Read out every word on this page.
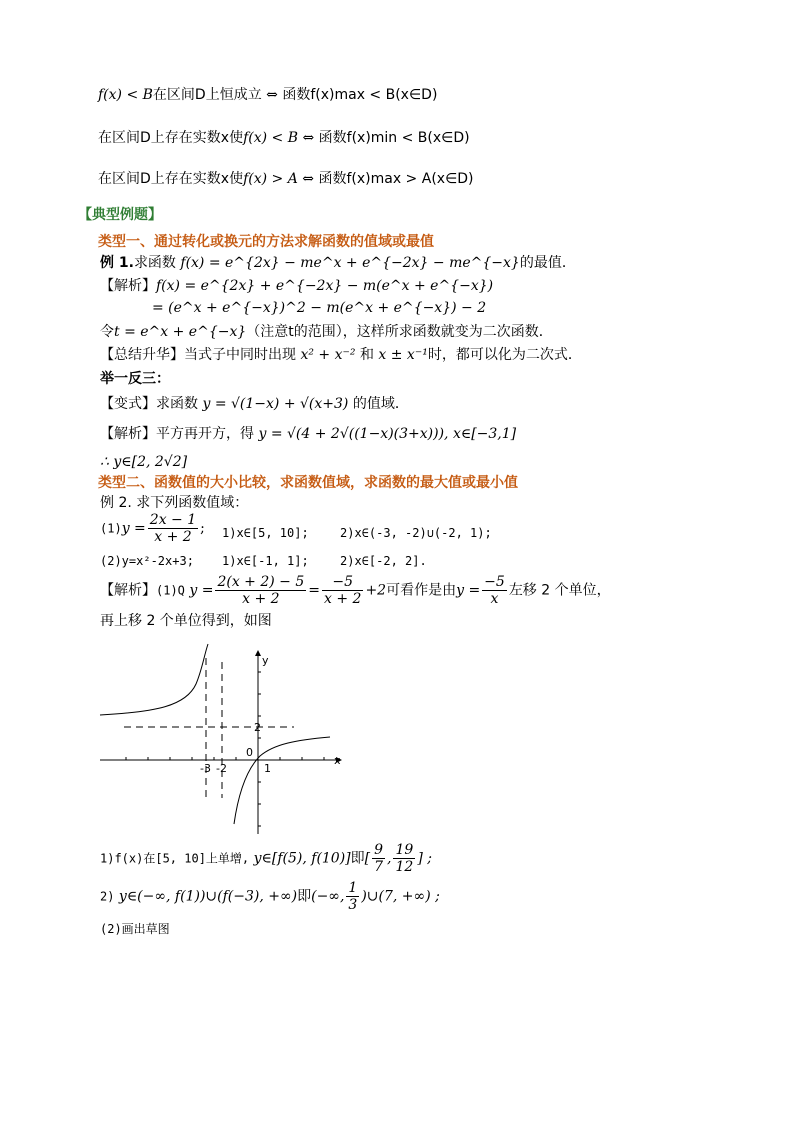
f(x) < B在区间D上恒成立 ⇔ 函数f(x)max < B(x∈D)
在区间D上存在实数x使f(x) < B ⇔ 函数f(x)min < B(x∈D)
在区间D上存在实数x使f(x) > A ⇔ 函数f(x)max > A(x∈D)
【典型例题】
类型一、通过转化或换元的方法求解函数的值域或最值
例 1.求函数 f(x) = e^{2x} − me^x + e^{−2x} − me^{−x}的最值．
【解析】f(x) = e^{2x} + e^{−2x} − m(e^x + e^{−x})
= (e^x + e^{−x})^2 − m(e^x + e^{−x}) − 2
令t = e^x + e^{−x}（注意t的范围），这样所求函数就变为二次函数．
【总结升华】当式子中同时出现 x² + x⁻² 和 x ± x⁻¹时，都可以化为二次式．
举一反三：
【变式】求函数 y = √(1−x) + √(x+3) 的值域．
【解析】平方再开方，得 y = √(4 + 2√((1−x)(3+x))), x∈[−3,1]
∴ y∈[2, 2√2]
类型二、函数值的大小比较，求函数值域，求函数的最大值或最小值
例 2. 求下列函数值域：
$(1)y = \frac{2x - 1}{x + 2}$ ; 1)x∈[5, 10];	2)x∈(-3, -2)∪(-2, 1);
(2)y=x²-2x+3; 1)x∈[-1, 1];	2)x∈[-2, 2].
【解析】(1)Q $y = \frac{2(x + 2) - 5}{x + 2} = \frac{-5}{x + 2} +2$可看作是由$y = \frac{-5}{x}$ 左移 2 个单位，
再上移 2 个单位得到，如图
y
x
0
-3 -2	1
2
1)f(x)在[5, 10]上单增, y∈[f(5), f(10)]即[ $\frac{9}{7}$ , $\frac{19}{12}$ ] ;
2) y∈(−∞, f(1))∪(f(−3), +∞)即(−∞, $\frac{1}{3}$ )∪(7, +∞) ;
(2)画出草图
